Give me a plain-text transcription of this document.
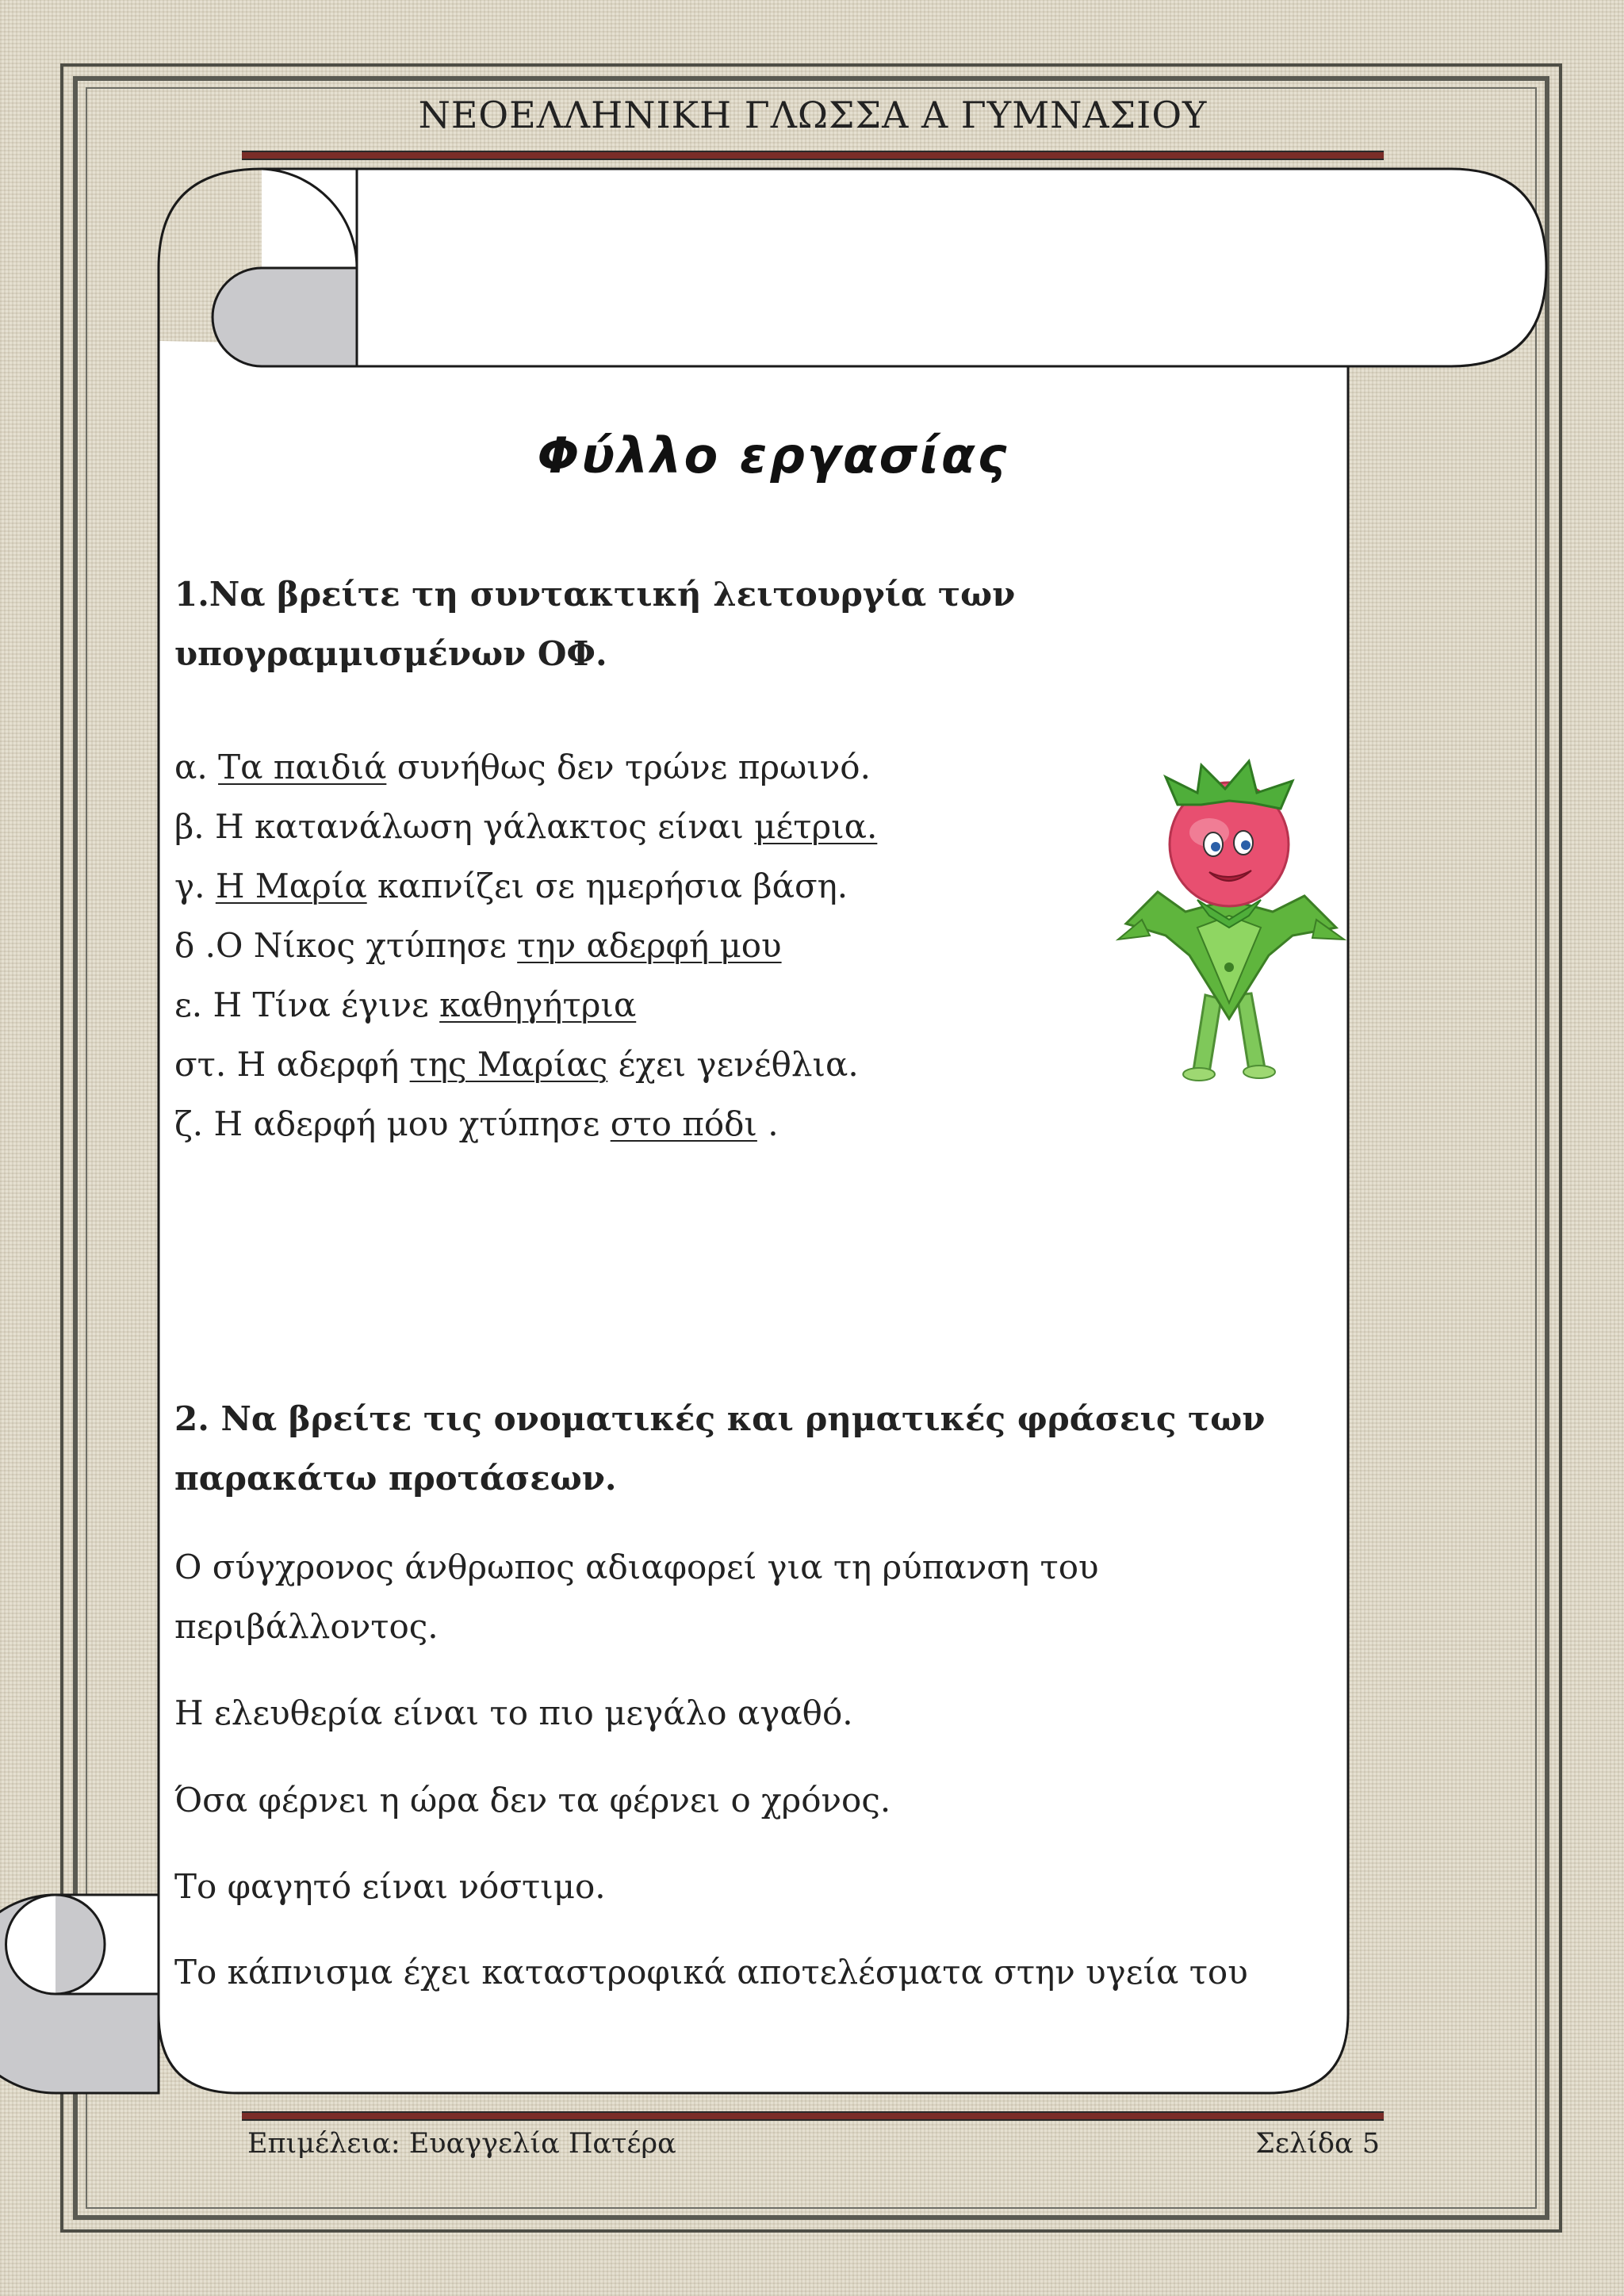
ΝΕΟΕΛΛΗΝΙΚΗ ΓΛΩΣΣΑ Α ΓΥΜΝΑΣΙΟΥ
Φύλλο εργασίας
1.Να βρείτε τη συντακτική λειτουργία των υπογραμμισμένων ΟΦ.
α. Τα παιδιά συνήθως δεν τρώνε πρωινό.
β. Η κατανάλωση γάλακτος είναι μέτρια.
γ. Η Μαρία καπνίζει σε ημερήσια βάση.
δ .Ο Νίκος χτύπησε την αδερφή μου
ε. Η Τίνα έγινε καθηγήτρια
στ. Η αδερφή της Μαρίας έχει γενέθλια.
ζ. Η αδερφή μου χτύπησε στο πόδι .
2. Να βρείτε τις ονοματικές και ρηματικές φράσεις των παρακάτω προτάσεων.
Ο σύγχρονος άνθρωπος αδιαφορεί για τη ρύπανση του περιβάλλοντος.
Η ελευθερία είναι το πιο μεγάλο αγαθό.
Όσα φέρνει η ώρα δεν τα φέρνει ο χρόνος.
Το φαγητό είναι νόστιμο.
Το κάπνισμα έχει καταστροφικά αποτελέσματα στην υγεία του
Επιμέλεια: Ευαγγελία Πατέρα	Σελίδα 5
